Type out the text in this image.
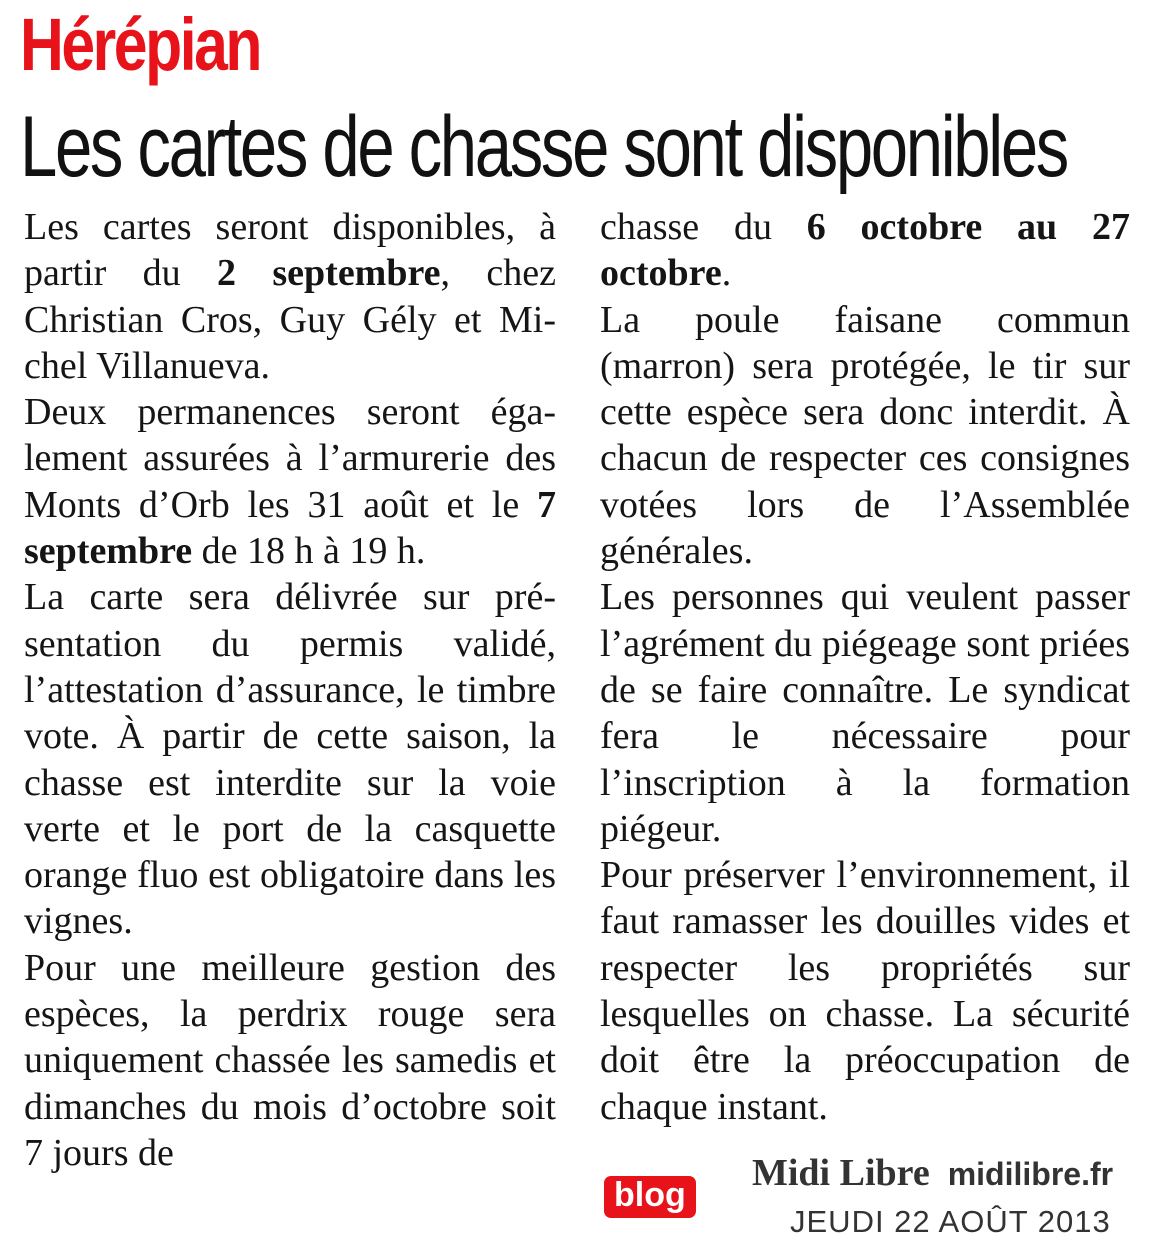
Hérépian
Les cartes de chasse sont disponibles

Les cartes seront disponibles, à partir du 2 septembre, chez Christian Cros, Guy Gély et Michel Villanueva.

Deux permanences seront également assurées à l’armurerie des Monts d’Orb les 31 août et le 7 septembre de 18 h à 19 h.

La carte sera délivrée sur présentation du permis validé, l’attestation d’assurance, le timbre vote. À partir de cette saison, la chasse est interdite sur la voie verte et le port de la casquette orange fluo est obligatoire dans les vignes.

Pour une meilleure gestion des espèces, la perdrix rouge sera uniquement chassée les samedis et dimanches du mois d’octobre soit 7 jours de

chasse du 6 octobre au 27 octobre.

La poule faisane commun (marron) sera protégée, le tir sur cette espèce sera donc interdit. À chacun de respecter ces consignes votées lors de l’Assemblée générales.

Les personnes qui veulent passer l’agrément du piégeage sont priées de se faire connaître. Le syndicat fera le nécessaire pour l’inscription à la formation piégeur.

Pour préserver l’environnement, il faut ramasser les douilles vides et respecter les propriétés sur lesquelles on chasse. La sécurité doit être la préoccupation de chaque instant.

blog
Midi Libre midilibre.fr
JEUDI 22 AOÛT 2013
